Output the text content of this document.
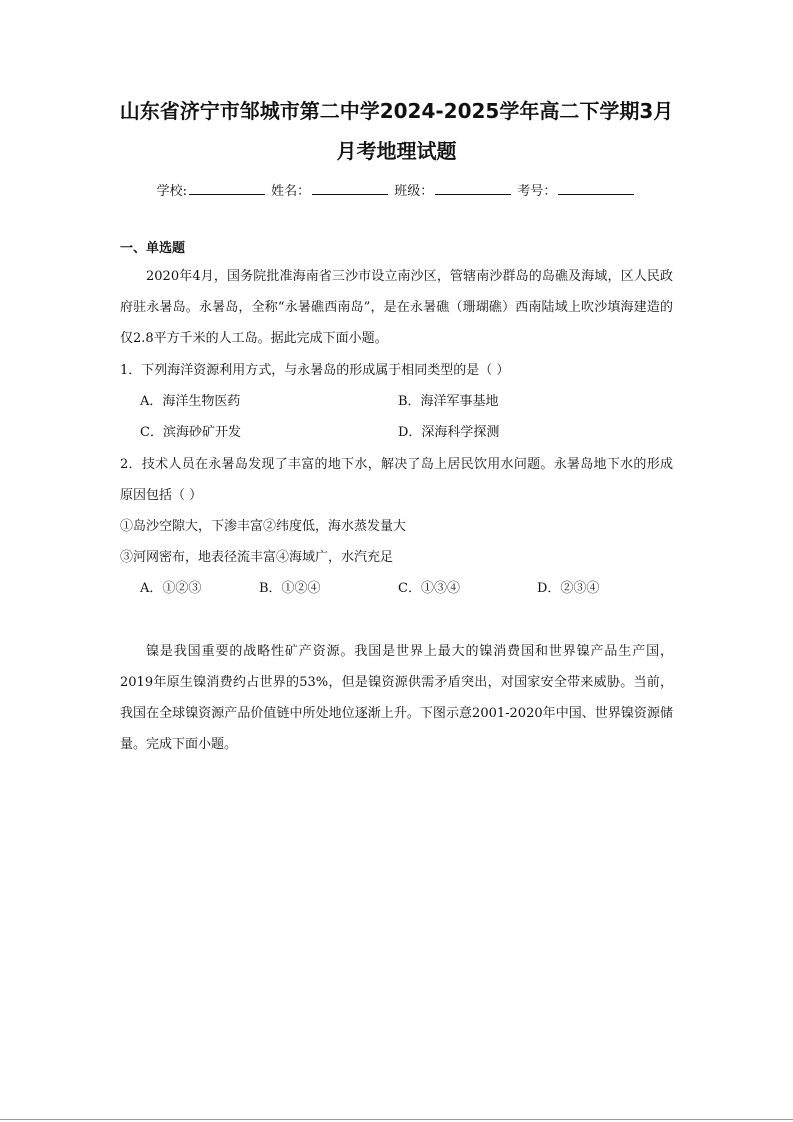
山东省济宁市邹城市第二中学2024-2025学年高二下学期3月
月考地理试题
学校:	姓名：	班级：	考号：
一、单选题
2020年4月，国务院批准海南省三沙市设立南沙区，管辖南沙群岛的岛礁及海域，区人民政府驻永暑岛。永暑岛，全称“永暑礁西南岛”，是在永暑礁（珊瑚礁）西南陆域上吹沙填海建造的仅2.8平方千米的人工岛。据此完成下面小题。
1．下列海洋资源利用方式，与永暑岛的形成属于相同类型的是（ ）
A．海洋生物医药	B．海洋军事基地
C．滨海砂矿开发	D．深海科学探测
2．技术人员在永暑岛发现了丰富的地下水，解决了岛上居民饮用水问题。永暑岛地下水的形成原因包括（ ）
①岛沙空隙大，下渗丰富②纬度低，海水蒸发量大
③河网密布，地表径流丰富④海域广，水汽充足
A．①②③	B．①②④	C．①③④	D．②③④
镍是我国重要的战略性矿产资源。我国是世界上最大的镍消费国和世界镍产品生产国，2019年原生镍消费约占世界的53%，但是镍资源供需矛盾突出，对国家安全带来威胁。当前，我国在全球镍资源产品价值链中所处地位逐渐上升。下图示意2001-2020年中国、世界镍资源储量。完成下面小题。
